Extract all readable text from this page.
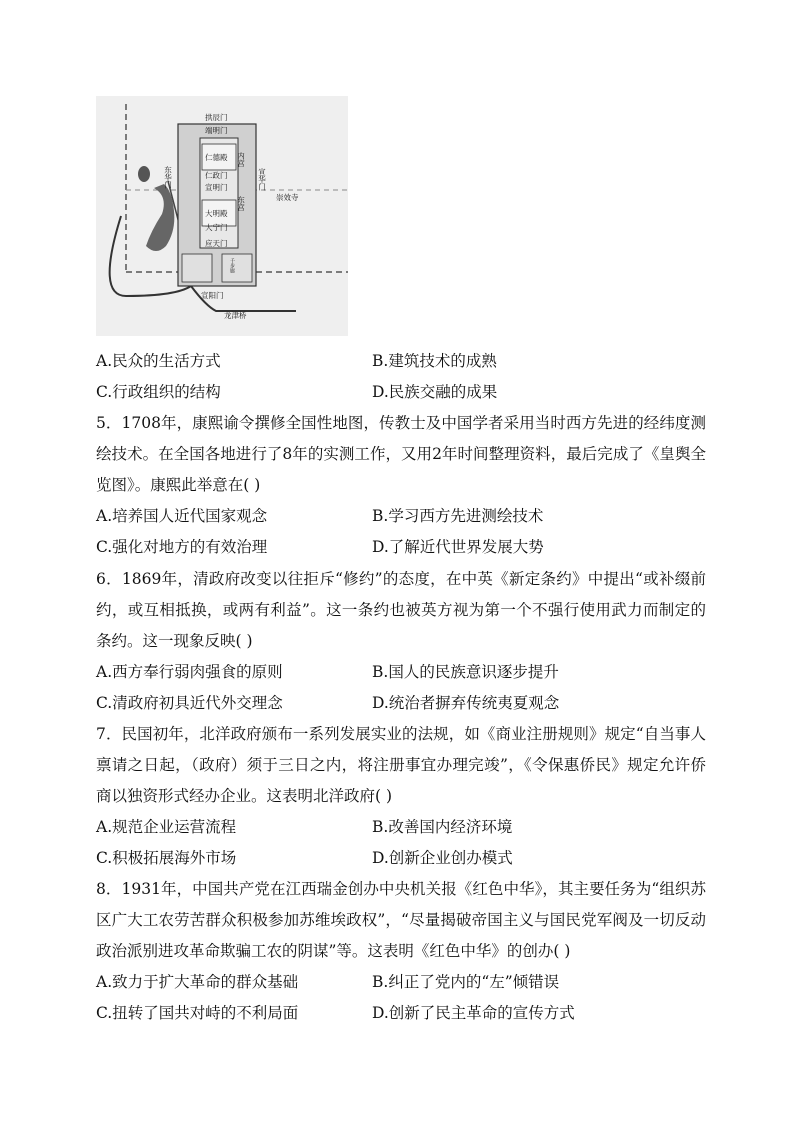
拱辰门
端明门
仁德殿
仁政门
宣明门
大明殿
大宁门
应天门
内宫
东宫
东华门	宣华门
崇效寺
宣阳门
龙津桥
千步廊
A.民众的生活方式	B.建筑技术的成熟
C.行政组织的结构	D.民族交融的成果

5．1708年，康熙谕令撰修全国性地图，传教士及中国学者采用当时西方先进的经纬度测绘技术。在全国各地进行了8年的实测工作，又用2年时间整理资料，最后完成了《皇舆全览图》。康熙此举意在( )

A.培养国人近代国家观念	B.学习西方先进测绘技术
C.强化对地方的有效治理	D.了解近代世界发展大势

6．1869年，清政府改变以往拒斥“修约”的态度，在中英《新定条约》中提出“或补缀前约，或互相抵换，或两有利益”。这一条约也被英方视为第一个不强行使用武力而制定的条约。这一现象反映( )

A.西方奉行弱肉强食的原则	B.国人的民族意识逐步提升
C.清政府初具近代外交理念	D.统治者摒弃传统夷夏观念

7．民国初年，北洋政府颁布一系列发展实业的法规，如《商业注册规则》规定“自当事人禀请之日起，（政府）须于三日之内，将注册事宜办理完竣”，《令保惠侨民》规定允许侨商以独资形式经办企业。这表明北洋政府( )

A.规范企业运营流程	B.改善国内经济环境
C.积极拓展海外市场	D.创新企业创办模式

8．1931年，中国共产党在江西瑞金创办中央机关报《红色中华》，其主要任务为“组织苏区广大工农劳苦群众积极参加苏维埃政权”，“尽量揭破帝国主义与国民党军阀及一切反动政治派别进攻革命欺骗工农的阴谋”等。这表明《红色中华》的创办( )

A.致力于扩大革命的群众基础	B.纠正了党内的“左”倾错误
C.扭转了国共对峙的不利局面	D.创新了民主革命的宣传方式
